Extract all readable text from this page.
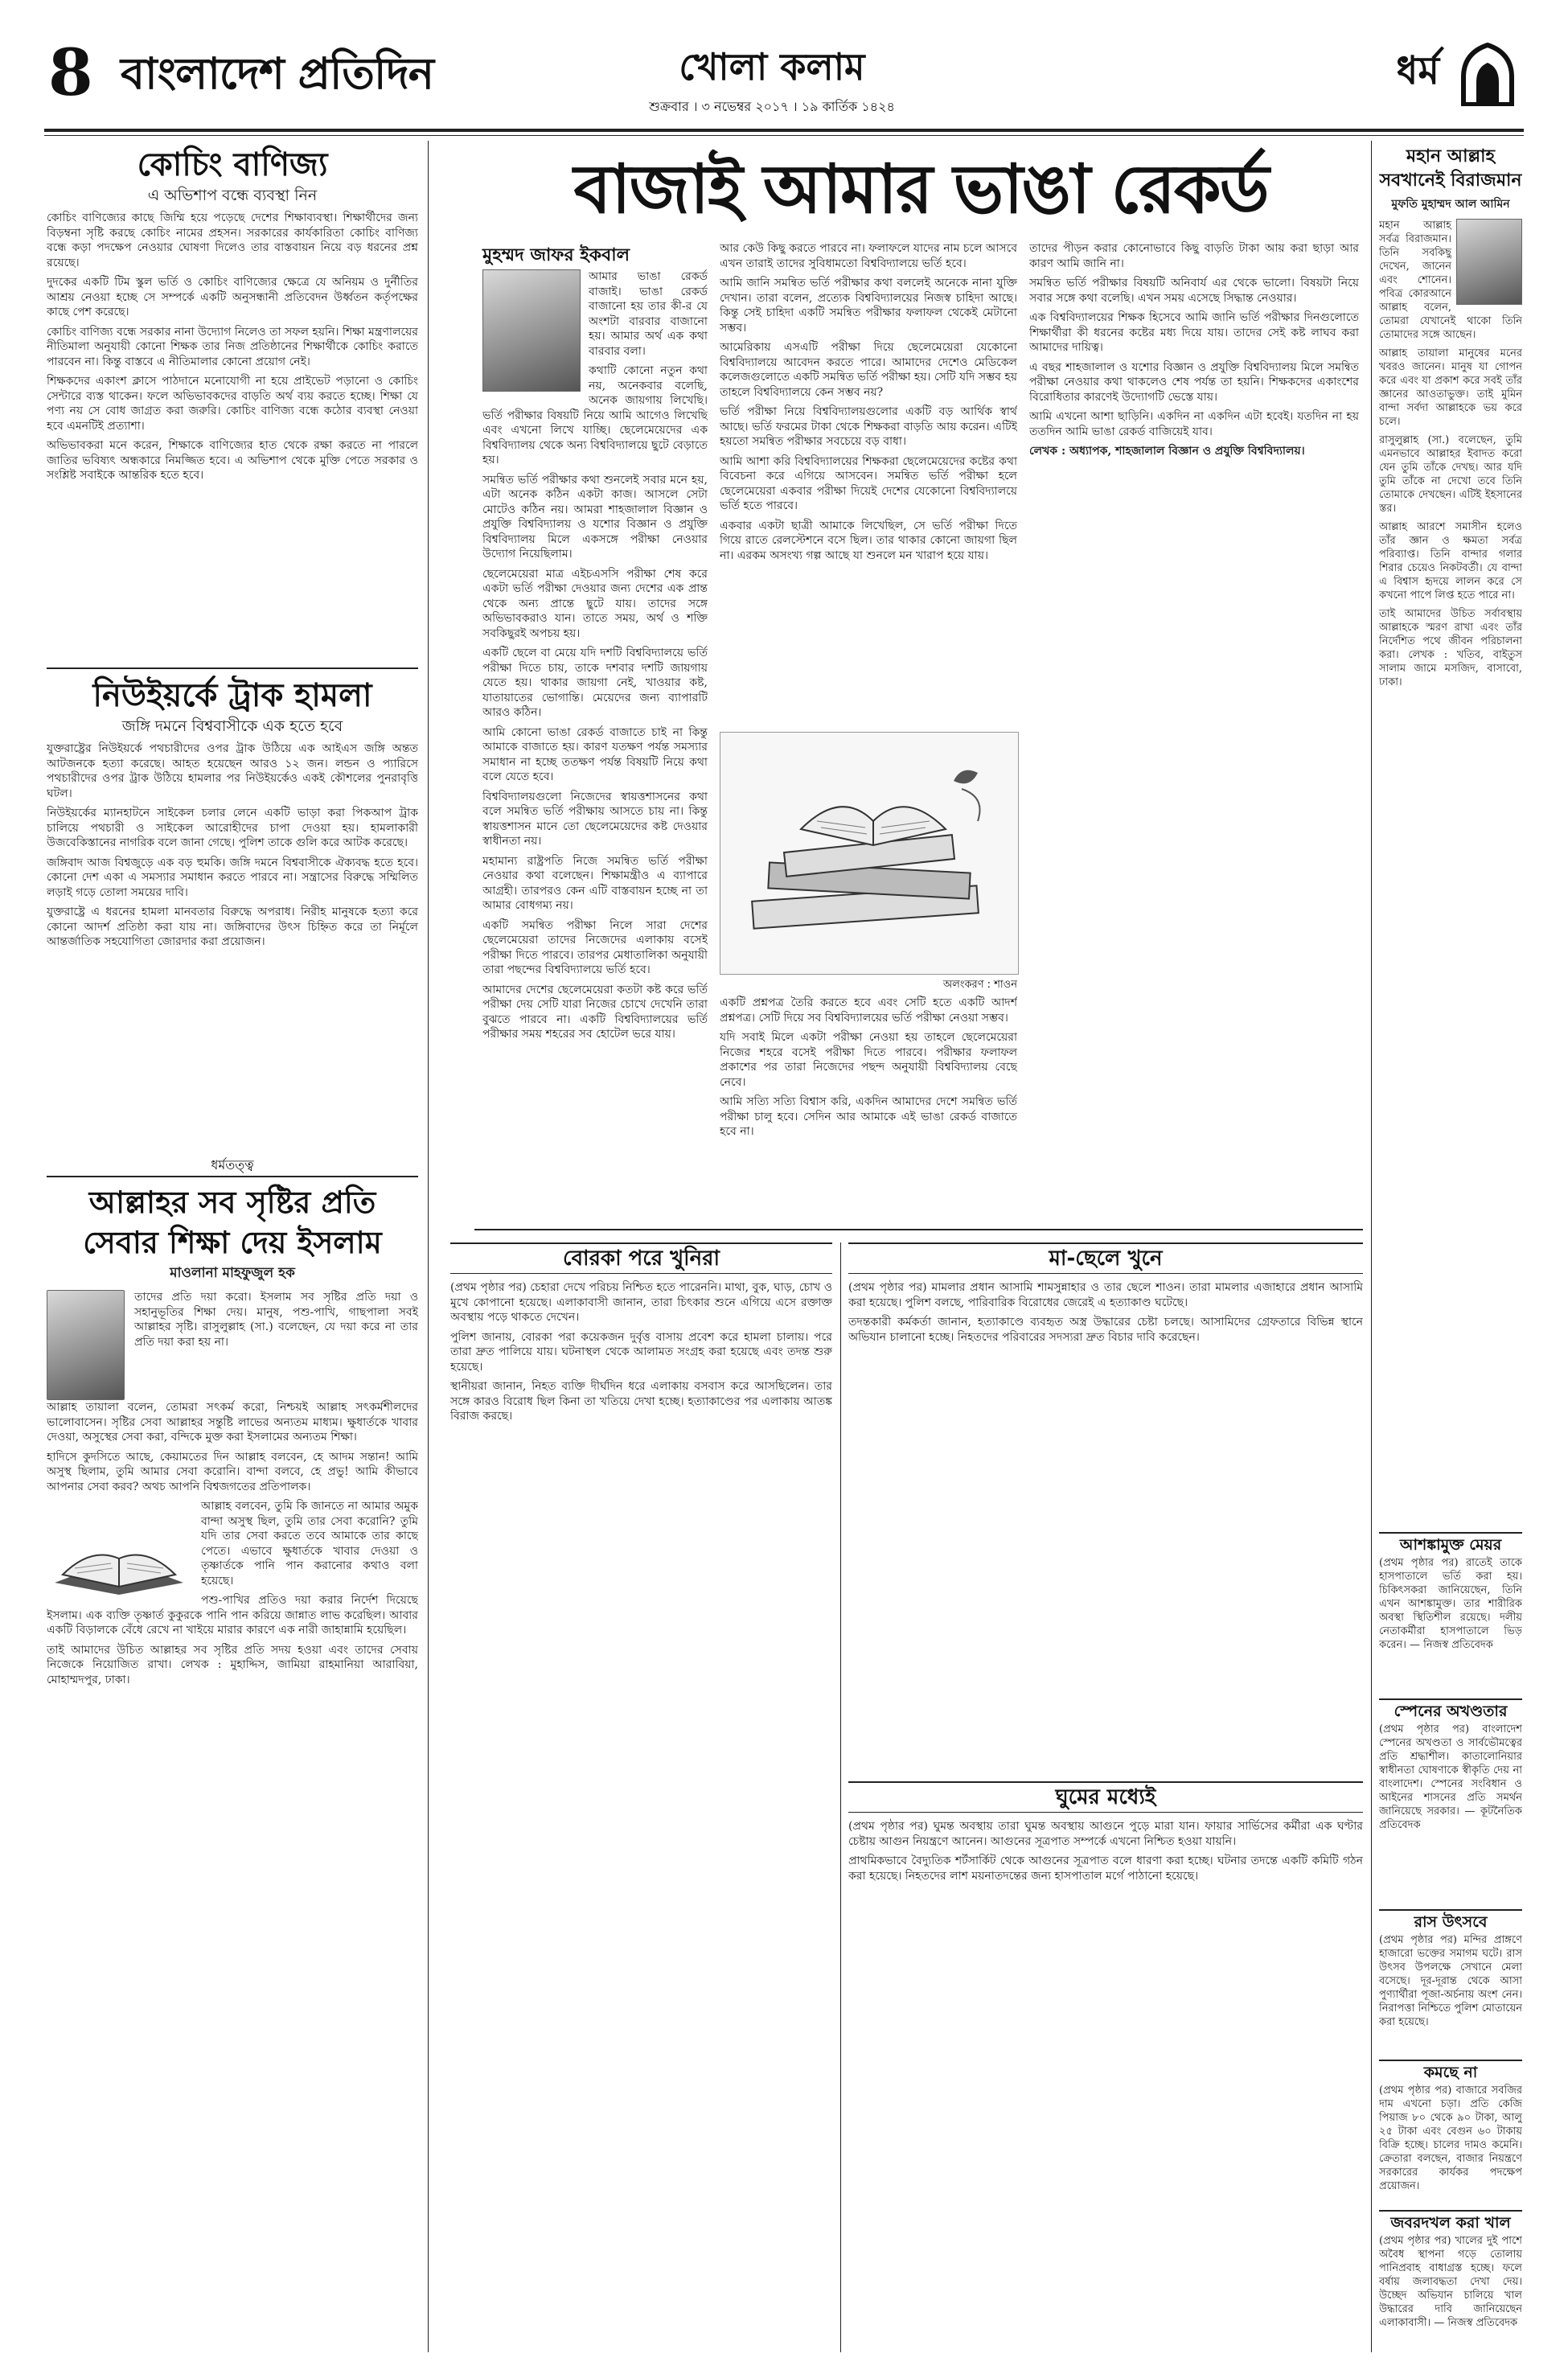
8 বাংলাদেশ প্রতিদিন	খোলা কলাম
শুক্রবার । ৩ নভেম্বর ২০১৭ । ১৯ কার্তিক ১৪২৪
ধর্ম
কোচিং বাণিজ্য
এ অভিশাপ বন্ধে ব্যবস্থা নিন

কোচিং বাণিজ্যের কাছে জিম্মি হয়ে পড়েছে দেশের শিক্ষাব্যবস্থা। শিক্ষার্থীদের জন্য বিড়ম্বনা সৃষ্টি করছে কোচিং নামের প্রহসন। সরকারের কার্যকারিতা কোচিং বাণিজ্য বন্ধে কড়া পদক্ষেপ নেওয়ার ঘোষণা দিলেও তার বাস্তবায়ন নিয়ে বড় ধরনের প্রশ্ন রয়েছে।

দুদকের একটি টিম স্কুল ভর্তি ও কোচিং বাণিজ্যের ক্ষেত্রে যে অনিয়ম ও দুর্নীতির আশ্রয় নেওয়া হচ্ছে সে সম্পর্কে একটি অনুসন্ধানী প্রতিবেদন উর্ধ্বতন কর্তৃপক্ষের কাছে পেশ করেছে।

কোচিং বাণিজ্য বন্ধে সরকার নানা উদ্যোগ নিলেও তা সফল হয়নি। শিক্ষা মন্ত্রণালয়ের নীতিমালা অনুযায়ী কোনো শিক্ষক তার নিজ প্রতিষ্ঠানের শিক্ষার্থীকে কোচিং করাতে পারবেন না। কিন্তু বাস্তবে এ নীতিমালার কোনো প্রয়োগ নেই।

শিক্ষকদের একাংশ ক্লাসে পাঠদানে মনোযোগী না হয়ে প্রাইভেট পড়ানো ও কোচিং সেন্টারে ব্যস্ত থাকেন। ফলে অভিভাবকদের বাড়তি অর্থ ব্যয় করতে হচ্ছে। শিক্ষা যে পণ্য নয় সে বোধ জাগ্রত করা জরুরি। কোচিং বাণিজ্য বন্ধে কঠোর ব্যবস্থা নেওয়া হবে এমনটিই প্রত্যাশা।

অভিভাবকরা মনে করেন, শিক্ষাকে বাণিজ্যের হাত থেকে রক্ষা করতে না পারলে জাতির ভবিষ্যৎ অন্ধকারে নিমজ্জিত হবে। এ অভিশাপ থেকে মুক্তি পেতে সরকার ও সংশ্লিষ্ট সবাইকে আন্তরিক হতে হবে।

নিউইয়র্কে ট্রাক হামলা
জঙ্গি দমনে বিশ্ববাসীকে এক হতে হবে

যুক্তরাষ্ট্রের নিউইয়র্কে পথচারীদের ওপর ট্রাক উঠিয়ে এক আইএস জঙ্গি অন্তত আটজনকে হত্যা করেছে। আহত হয়েছেন আরও ১২ জন। লন্ডন ও প্যারিসে পথচারীদের ওপর ট্রাক উঠিয়ে হামলার পর নিউইয়র্কেও একই কৌশলের পুনরাবৃত্তি ঘটল।

নিউইয়র্কের ম্যানহাটনে সাইকেল চলার লেনে একটি ভাড়া করা পিকআপ ট্রাক চালিয়ে পথচারী ও সাইকেল আরোহীদের চাপা দেওয়া হয়। হামলাকারী উজবেকিস্তানের নাগরিক বলে জানা গেছে। পুলিশ তাকে গুলি করে আটক করেছে।

জঙ্গিবাদ আজ বিশ্বজুড়ে এক বড় হুমকি। জঙ্গি দমনে বিশ্ববাসীকে ঐক্যবদ্ধ হতে হবে। কোনো দেশ একা এ সমস্যার সমাধান করতে পারবে না। সন্ত্রাসের বিরুদ্ধে সম্মিলিত লড়াই গড়ে তোলা সময়ের দাবি।

যুক্তরাষ্ট্রে এ ধরনের হামলা মানবতার বিরুদ্ধে অপরাধ। নিরীহ মানুষকে হত্যা করে কোনো আদর্শ প্রতিষ্ঠা করা যায় না। জঙ্গিবাদের উৎস চিহ্নিত করে তা নির্মূলে আন্তর্জাতিক সহযোগিতা জোরদার করা প্রয়োজন।

ধর্মতত্ত্ব
আল্লাহর সব সৃষ্টির প্রতি সেবার শিক্ষা দেয় ইসলাম
মাওলানা মাহফুজুল হক

তাদের প্রতি দয়া করো। ইসলাম সব সৃষ্টির প্রতি দয়া ও সহানুভূতির শিক্ষা দেয়। মানুষ, পশু-পাখি, গাছপালা সবই আল্লাহর সৃষ্টি। রাসুলুল্লাহ (সা.) বলেছেন, যে দয়া করে না তার প্রতি দয়া করা হয় না।

আল্লাহ তায়ালা বলেন, তোমরা সৎকর্ম করো, নিশ্চয়ই আল্লাহ সৎকর্মশীলদের ভালোবাসেন। সৃষ্টির সেবা আল্লাহর সন্তুষ্টি লাভের অন্যতম মাধ্যম। ক্ষুধার্তকে খাবার দেওয়া, অসুস্থের সেবা করা, বন্দিকে মুক্ত করা ইসলামের অন্যতম শিক্ষা।

হাদিসে কুদসিতে আছে, কেয়ামতের দিন আল্লাহ বলবেন, হে আদম সন্তান! আমি অসুস্থ ছিলাম, তুমি আমার সেবা করোনি। বান্দা বলবে, হে প্রভু! আমি কীভাবে আপনার সেবা করব? অথচ আপনি বিশ্বজগতের প্রতিপালক।

আল্লাহ বলবেন, তুমি কি জানতে না আমার অমুক বান্দা অসুস্থ ছিল, তুমি তার সেবা করোনি? তুমি যদি তার সেবা করতে তবে আমাকে তার কাছে পেতে। এভাবে ক্ষুধার্তকে খাবার দেওয়া ও তৃষ্ণার্তকে পানি পান করানোর কথাও বলা হয়েছে।

পশু-পাখির প্রতিও দয়া করার নির্দেশ দিয়েছে ইসলাম। এক ব্যক্তি তৃষ্ণার্ত কুকুরকে পানি পান করিয়ে জান্নাত লাভ করেছিল। আবার একটি বিড়ালকে বেঁধে রেখে না খাইয়ে মারার কারণে এক নারী জাহান্নামি হয়েছিল।

তাই আমাদের উচিত আল্লাহর সব সৃষ্টির প্রতি সদয় হওয়া এবং তাদের সেবায় নিজেকে নিয়োজিত রাখা। লেখক : মুহাদ্দিস, জামিয়া রাহমানিয়া আরাবিয়া, মোহাম্মদপুর, ঢাকা।

বাজাই আমার ভাঙা রেকর্ড
মুহম্মদ জাফর ইকবাল

আমার ভাঙা রেকর্ড বাজাই। ভাঙা রেকর্ড বাজানো হয় তার কী-র যে অংশটা বারবার বাজানো হয়। আমার অর্থ এক কথা বারবার বলা।

কথাটি কোনো নতুন কথা নয়, অনেকবার বলেছি, অনেক জায়গায় লিখেছি। ভর্তি পরীক্ষার বিষয়টি নিয়ে আমি আগেও লিখেছি এবং এখনো লিখে যাচ্ছি। ছেলেমেয়েদের এক বিশ্ববিদ্যালয় থেকে অন্য বিশ্ববিদ্যালয়ে ছুটে বেড়াতে হয়।

সমন্বিত ভর্তি পরীক্ষার কথা শুনলেই সবার মনে হয়, এটা অনেক কঠিন একটা কাজ। আসলে সেটা মোটেও কঠিন নয়। আমরা শাহজালাল বিজ্ঞান ও প্রযুক্তি বিশ্ববিদ্যালয় ও যশোর বিজ্ঞান ও প্রযুক্তি বিশ্ববিদ্যালয় মিলে একসঙ্গে পরীক্ষা নেওয়ার উদ্যোগ নিয়েছিলাম।

ছেলেমেয়েরা মাত্র এইচএসসি পরীক্ষা শেষ করে একটা ভর্তি পরীক্ষা দেওয়ার জন্য দেশের এক প্রান্ত থেকে অন্য প্রান্তে ছুটে যায়। তাদের সঙ্গে অভিভাবকরাও যান। তাতে সময়, অর্থ ও শক্তি সবকিছুরই অপচয় হয়।

একটি ছেলে বা মেয়ে যদি দশটি বিশ্ববিদ্যালয়ে ভর্তি পরীক্ষা দিতে চায়, তাকে দশবার দশটি জায়গায় যেতে হয়। থাকার জায়গা নেই, খাওয়ার কষ্ট, যাতায়াতের ভোগান্তি। মেয়েদের জন্য ব্যাপারটি আরও কঠিন।

আমি কোনো ভাঙা রেকর্ড বাজাতে চাই না কিন্তু আমাকে বাজাতে হয়। কারণ যতক্ষণ পর্যন্ত সমস্যার সমাধান না হচ্ছে ততক্ষণ পর্যন্ত বিষয়টি নিয়ে কথা বলে যেতে হবে।

বিশ্ববিদ্যালয়গুলো নিজেদের স্বায়ত্তশাসনের কথা বলে সমন্বিত ভর্তি পরীক্ষায় আসতে চায় না। কিন্তু স্বায়ত্তশাসন মানে তো ছেলেমেয়েদের কষ্ট দেওয়ার স্বাধীনতা নয়।

মহামান্য রাষ্ট্রপতি নিজে সমন্বিত ভর্তি পরীক্ষা নেওয়ার কথা বলেছেন। শিক্ষামন্ত্রীও এ ব্যাপারে আগ্রহী। তারপরও কেন এটি বাস্তবায়ন হচ্ছে না তা আমার বোধগম্য নয়।

একটি সমন্বিত পরীক্ষা নিলে সারা দেশের ছেলেমেয়েরা তাদের নিজেদের এলাকায় বসেই পরীক্ষা দিতে পারবে। তারপর মেধাতালিকা অনুযায়ী তারা পছন্দের বিশ্ববিদ্যালয়ে ভর্তি হবে।

আমাদের দেশের ছেলেমেয়েরা কতটা কষ্ট করে ভর্তি পরীক্ষা দেয় সেটি যারা নিজের চোখে দেখেনি তারা বুঝতে পারবে না। একটি বিশ্ববিদ্যালয়ের ভর্তি পরীক্ষার সময় শহরের সব হোটেল ভরে যায়।

আর কেউ কিছু করতে পারবে না। ফলাফলে যাদের নাম চলে আসবে এখন তারাই তাদের সুবিধামতো বিশ্ববিদ্যালয়ে ভর্তি হবে।

আমি জানি সমন্বিত ভর্তি পরীক্ষার কথা বললেই অনেকে নানা যুক্তি দেখান। তারা বলেন, প্রত্যেক বিশ্ববিদ্যালয়ের নিজস্ব চাহিদা আছে। কিন্তু সেই চাহিদা একটি সমন্বিত পরীক্ষার ফলাফল থেকেই মেটানো সম্ভব।

আমেরিকায় এসএটি পরীক্ষা দিয়ে ছেলেমেয়েরা যেকোনো বিশ্ববিদ্যালয়ে আবেদন করতে পারে। আমাদের দেশেও মেডিকেল কলেজগুলোতে একটি সমন্বিত ভর্তি পরীক্ষা হয়। সেটি যদি সম্ভব হয় তাহলে বিশ্ববিদ্যালয়ে কেন সম্ভব নয়?

ভর্তি পরীক্ষা নিয়ে বিশ্ববিদ্যালয়গুলোর একটি বড় আর্থিক স্বার্থ আছে। ভর্তি ফরমের টাকা থেকে শিক্ষকরা বাড়তি আয় করেন। এটিই হয়তো সমন্বিত পরীক্ষার সবচেয়ে বড় বাধা।

আমি আশা করি বিশ্ববিদ্যালয়ের শিক্ষকরা ছেলেমেয়েদের কষ্টের কথা বিবেচনা করে এগিয়ে আসবেন। সমন্বিত ভর্তি পরীক্ষা হলে ছেলেমেয়েরা একবার পরীক্ষা দিয়েই দেশের যেকোনো বিশ্ববিদ্যালয়ে ভর্তি হতে পারবে।

একবার একটা ছাত্রী আমাকে লিখেছিল, সে ভর্তি পরীক্ষা দিতে গিয়ে রাতে রেলস্টেশনে বসে ছিল। তার থাকার কোনো জায়গা ছিল না। এরকম অসংখ্য গল্প আছে যা শুনলে মন খারাপ হয়ে যায়।

তাদের পীড়ন করার কোনোভাবে কিছু বাড়তি টাকা আয় করা ছাড়া আর কারণ আমি জানি না।

সমন্বিত ভর্তি পরীক্ষার বিষয়টি অনিবার্য এর থেকে ভালো। বিষয়টা নিয়ে সবার সঙ্গে কথা বলেছি। এখন সময় এসেছে সিদ্ধান্ত নেওয়ার।

এক বিশ্ববিদ্যালয়ের শিক্ষক হিসেবে আমি জানি ভর্তি পরীক্ষার দিনগুলোতে শিক্ষার্থীরা কী ধরনের কষ্টের মধ্য দিয়ে যায়। তাদের সেই কষ্ট লাঘব করা আমাদের দায়িত্ব।

এ বছর শাহজালাল ও যশোর বিজ্ঞান ও প্রযুক্তি বিশ্ববিদ্যালয় মিলে সমন্বিত পরীক্ষা নেওয়ার কথা থাকলেও শেষ পর্যন্ত তা হয়নি। শিক্ষকদের একাংশের বিরোধিতার কারণেই উদ্যোগটি ভেস্তে যায়।

আমি এখনো আশা ছাড়িনি। একদিন না একদিন এটা হবেই। যতদিন না হয় ততদিন আমি ভাঙা রেকর্ড বাজিয়েই যাব।

লেখক : অধ্যাপক, শাহজালাল বিজ্ঞান ও প্রযুক্তি বিশ্ববিদ্যালয়।

অলংকরণ : শাওন

একটি প্রশ্নপত্র তৈরি করতে হবে এবং সেটি হতে একটি আদর্শ প্রশ্নপত্র। সেটি দিয়ে সব বিশ্ববিদ্যালয়ের ভর্তি পরীক্ষা নেওয়া সম্ভব।

যদি সবাই মিলে একটা পরীক্ষা নেওয়া হয় তাহলে ছেলেমেয়েরা নিজের শহরে বসেই পরীক্ষা দিতে পারবে। পরীক্ষার ফলাফল প্রকাশের পর তারা নিজেদের পছন্দ অনুযায়ী বিশ্ববিদ্যালয় বেছে নেবে।

আমি সত্যি সত্যি বিশ্বাস করি, একদিন আমাদের দেশে সমন্বিত ভর্তি পরীক্ষা চালু হবে। সেদিন আর আমাকে এই ভাঙা রেকর্ড বাজাতে হবে না।

বোরকা পরে খুনিরা

(প্রথম পৃষ্ঠার পর) চেহারা দেখে পরিচয় নিশ্চিত হতে পারেননি। মাথা, বুক, ঘাড়, চোখ ও মুখে কোপানো হয়েছে। এলাকাবাসী জানান, তারা চিৎকার শুনে এগিয়ে এসে রক্তাক্ত অবস্থায় পড়ে থাকতে দেখেন।

পুলিশ জানায়, বোরকা পরা কয়েকজন দুর্বৃত্ত বাসায় প্রবেশ করে হামলা চালায়। পরে তারা দ্রুত পালিয়ে যায়। ঘটনাস্থল থেকে আলামত সংগ্রহ করা হয়েছে এবং তদন্ত শুরু হয়েছে।

স্থানীয়রা জানান, নিহত ব্যক্তি দীর্ঘদিন ধরে এলাকায় বসবাস করে আসছিলেন। তার সঙ্গে কারও বিরোধ ছিল কিনা তা খতিয়ে দেখা হচ্ছে। হত্যাকাণ্ডের পর এলাকায় আতঙ্ক বিরাজ করছে।

মা-ছেলে খুনে

(প্রথম পৃষ্ঠার পর) মামলার প্রধান আসামি শামসুন্নাহার ও তার ছেলে শাওন। তারা মামলার এজাহারে প্রধান আসামি করা হয়েছে। পুলিশ বলছে, পারিবারিক বিরোধের জেরেই এ হত্যাকাণ্ড ঘটেছে।

তদন্তকারী কর্মকর্তা জানান, হত্যাকাণ্ডে ব্যবহৃত অস্ত্র উদ্ধারের চেষ্টা চলছে। আসামিদের গ্রেফতারে বিভিন্ন স্থানে অভিযান চালানো হচ্ছে। নিহতদের পরিবারের সদস্যরা দ্রুত বিচার দাবি করেছেন।

ঘুমের মধ্যেই

(প্রথম পৃষ্ঠার পর) ঘুমন্ত অবস্থায় তারা ঘুমন্ত অবস্থায় আগুনে পুড়ে মারা যান। ফায়ার সার্ভিসের কর্মীরা এক ঘণ্টার চেষ্টায় আগুন নিয়ন্ত্রণে আনেন। আগুনের সূত্রপাত সম্পর্কে এখনো নিশ্চিত হওয়া যায়নি।

প্রাথমিকভাবে বৈদ্যুতিক শর্টসার্কিট থেকে আগুনের সূত্রপাত বলে ধারণা করা হচ্ছে। ঘটনার তদন্তে একটি কমিটি গঠন করা হয়েছে। নিহতদের লাশ ময়নাতদন্তের জন্য হাসপাতাল মর্গে পাঠানো হয়েছে।

মহান আল্লাহ সবখানেই বিরাজমান
মুফতি মুহাম্মদ আল আমিন

মহান আল্লাহ সর্বত্র বিরাজমান। তিনি সবকিছু দেখেন, জানেন এবং শোনেন। পবিত্র কোরআনে আল্লাহ বলেন, তোমরা যেখানেই থাকো তিনি তোমাদের সঙ্গে আছেন।

আল্লাহ তায়ালা মানুষের মনের খবরও জানেন। মানুষ যা গোপন করে এবং যা প্রকাশ করে সবই তাঁর জ্ঞানের আওতাভুক্ত। তাই মুমিন বান্দা সর্বদা আল্লাহকে ভয় করে চলে।

রাসুলুল্লাহ (সা.) বলেছেন, তুমি এমনভাবে আল্লাহর ইবাদত করো যেন তুমি তাঁকে দেখছ। আর যদি তুমি তাঁকে না দেখো তবে তিনি তোমাকে দেখছেন। এটিই ইহসানের স্তর।

আল্লাহ আরশে সমাসীন হলেও তাঁর জ্ঞান ও ক্ষমতা সর্বত্র পরিব্যাপ্ত। তিনি বান্দার গলার শিরার চেয়েও নিকটবর্তী। যে বান্দা এ বিশ্বাস হৃদয়ে লালন করে সে কখনো পাপে লিপ্ত হতে পারে না।

তাই আমাদের উচিত সর্বাবস্থায় আল্লাহকে স্মরণ রাখা এবং তাঁর নির্দেশিত পথে জীবন পরিচালনা করা। লেখক : খতিব, বাইতুস সালাম জামে মসজিদ, বাসাবো, ঢাকা।

আশঙ্কামুক্ত মেয়র

(প্রথম পৃষ্ঠার পর) রাতেই তাকে হাসপাতালে ভর্তি করা হয়। চিকিৎসকরা জানিয়েছেন, তিনি এখন আশঙ্কামুক্ত। তার শারীরিক অবস্থা স্থিতিশীল রয়েছে। দলীয় নেতাকর্মীরা হাসপাতালে ভিড় করেন। — নিজস্ব প্রতিবেদক

স্পেনের অখণ্ডতার

(প্রথম পৃষ্ঠার পর) বাংলাদেশ স্পেনের অখণ্ডতা ও সার্বভৌমত্বের প্রতি শ্রদ্ধাশীল। কাতালোনিয়ার স্বাধীনতা ঘোষণাকে স্বীকৃতি দেয় না বাংলাদেশ। স্পেনের সংবিধান ও আইনের শাসনের প্রতি সমর্থন জানিয়েছে সরকার। — কূটনৈতিক প্রতিবেদক

রাস উৎসবে

(প্রথম পৃষ্ঠার পর) মন্দির প্রাঙ্গণে হাজারো ভক্তের সমাগম ঘটে। রাস উৎসব উপলক্ষে সেখানে মেলা বসেছে। দূর-দূরান্ত থেকে আসা পুণ্যার্থীরা পূজা-অর্চনায় অংশ নেন। নিরাপত্তা নিশ্চিতে পুলিশ মোতায়েন করা হয়েছে।

কমছে না

(প্রথম পৃষ্ঠার পর) বাজারে সবজির দাম এখনো চড়া। প্রতি কেজি পিয়াজ ৮০ থেকে ৯০ টাকা, আলু ২৫ টাকা এবং বেগুন ৬০ টাকায় বিক্রি হচ্ছে। চালের দামও কমেনি। ক্রেতারা বলছেন, বাজার নিয়ন্ত্রণে সরকারের কার্যকর পদক্ষেপ প্রয়োজন।

জবরদখল করা খাল

(প্রথম পৃষ্ঠার পর) খালের দুই পাশে অবৈধ স্থাপনা গড়ে তোলায় পানিপ্রবাহ বাধাগ্রস্ত হচ্ছে। ফলে বর্ষায় জলাবদ্ধতা দেখা দেয়। উচ্ছেদ অভিযান চালিয়ে খাল উদ্ধারের দাবি জানিয়েছেন এলাকাবাসী। — নিজস্ব প্রতিবেদক
